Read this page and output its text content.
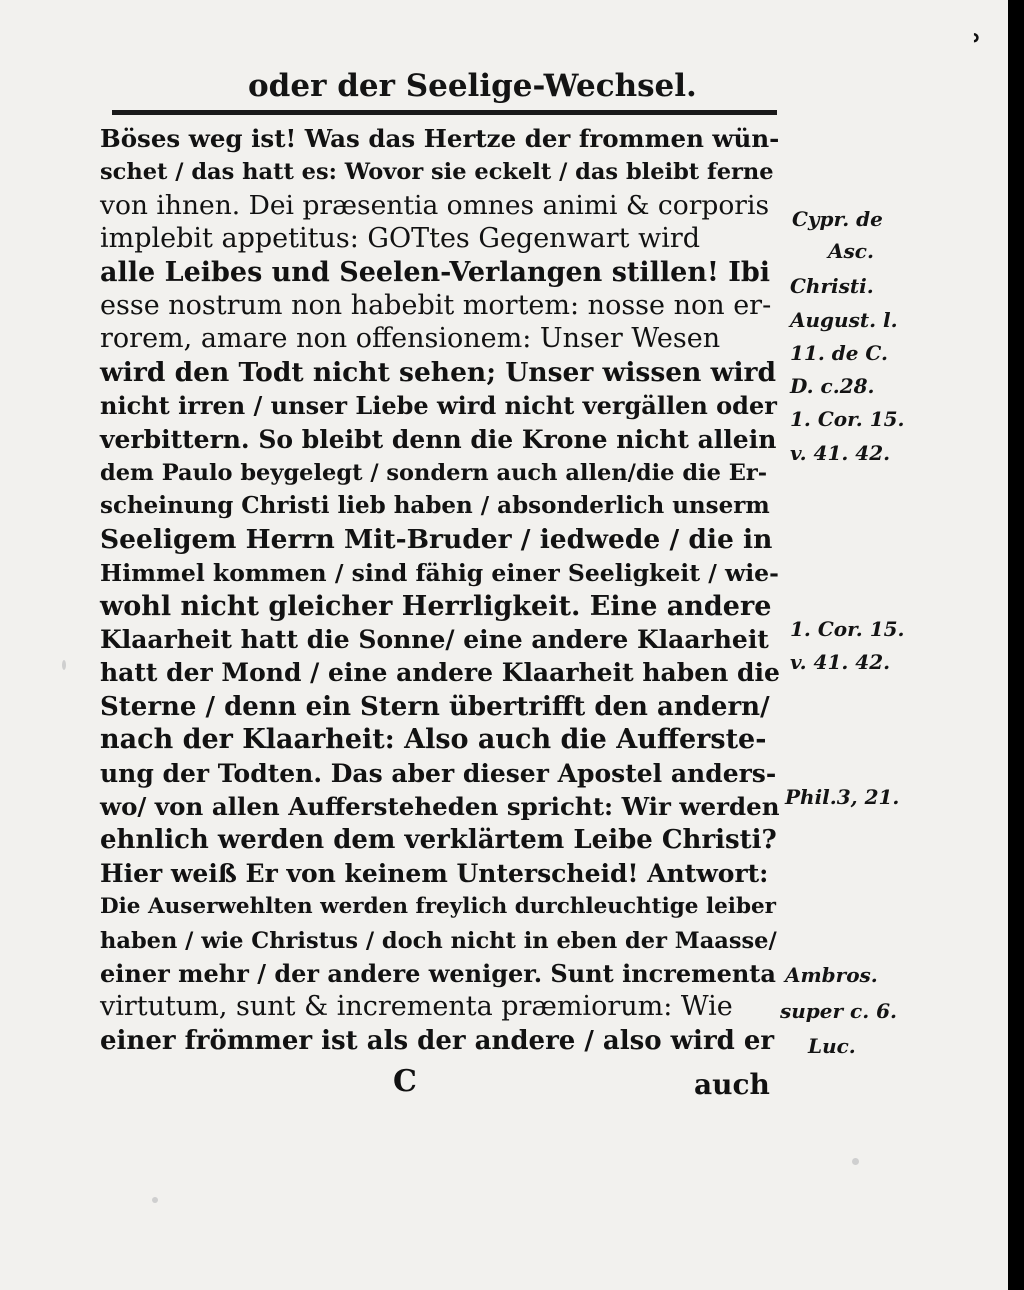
ʾ
oder der Seelige-Wechsel.
Böses weg ist! Was das Hertze der frommen wün-
schet / das hatt es: Wovor sie eckelt / das bleibt ferne
von ihnen. Dei præsentia omnes animi & corporis
implebit appetitus: GOTtes Gegenwart wird
alle Leibes und Seelen-Verlangen stillen! Ibi
esse nostrum non habebit mortem: nosse non er-
rorem, amare non offensionem: Unser Wesen
wird den Todt nicht sehen; Unser wissen wird
nicht irren / unser Liebe wird nicht vergällen oder
verbittern. So bleibt denn die Krone nicht allein
dem Paulo beygelegt / sondern auch allen/die die Er-
scheinung Christi lieb haben / absonderlich unserm
Seeligem Herrn Mit-Bruder / iedwede / die in
Himmel kommen / sind fähig einer Seeligkeit / wie-
wohl nicht gleicher Herrligkeit. Eine andere
Klaarheit hatt die Sonne/ eine andere Klaarheit
hatt der Mond / eine andere Klaarheit haben die
Sterne / denn ein Stern übertrifft den andern/
nach der Klaarheit: Also auch die Aufferste-
ung der Todten. Das aber dieser Apostel anders-
wo/ von allen Auffersteheden spricht: Wir werden
ehnlich werden dem verklärtem Leibe Christi?
Hier weiß Er von keinem Unterscheid! Antwort:
Die Auserwehlten werden freylich durchleuchtige leiber
haben / wie Christus / doch nicht in eben der Maasse/
einer mehr / der andere weniger. Sunt incrementa
virtutum, sunt & incrementa præmiorum: Wie
einer frömmer ist als der andere / also wird er
Cypr. de
Asc.
Christi.
August. l.
11. de C.
D. c.28.
1. Cor. 15.
v. 41. 42.
1. Cor. 15.
v. 41. 42.
Phil.3, 21.
Ambros.
super c. 6.
Luc.
C	auch
